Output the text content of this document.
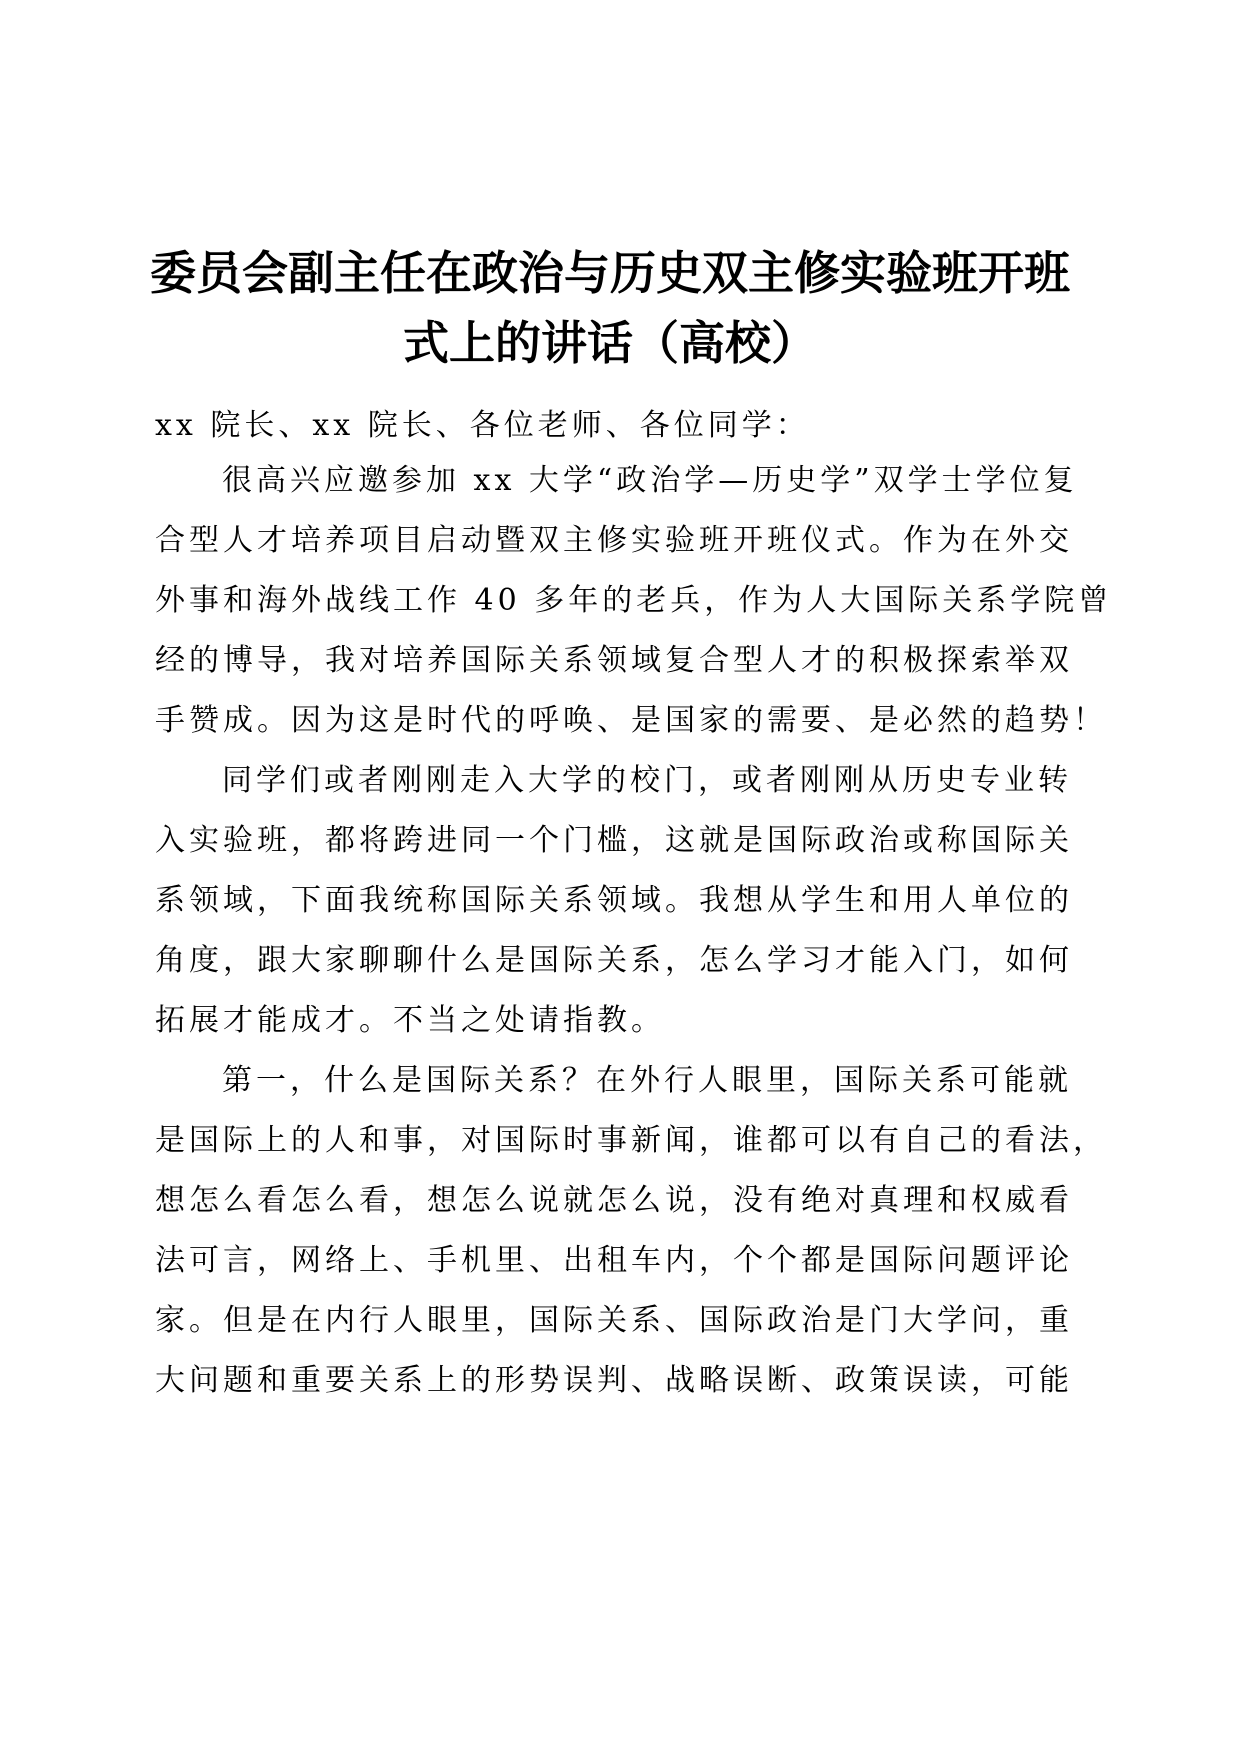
委员会副主任在政治与历史双主修实验班开班
式上的讲话（高校）
xx 院长、xx 院长、各位老师、各位同学：
很高兴应邀参加 xx 大学“政治学—历史学”双学士学位复
合型人才培养项目启动暨双主修实验班开班仪式。作为在外交
外事和海外战线工作 40 多年的老兵，作为人大国际关系学院曾
经的博导，我对培养国际关系领域复合型人才的积极探索举双
手赞成。因为这是时代的呼唤、是国家的需要、是必然的趋势！
同学们或者刚刚走入大学的校门，或者刚刚从历史专业转
入实验班，都将跨进同一个门槛，这就是国际政治或称国际关
系领域，下面我统称国际关系领域。我想从学生和用人单位的
角度，跟大家聊聊什么是国际关系，怎么学习才能入门，如何
拓展才能成才。不当之处请指教。
第一，什么是国际关系？在外行人眼里，国际关系可能就
是国际上的人和事，对国际时事新闻，谁都可以有自己的看法，
想怎么看怎么看，想怎么说就怎么说，没有绝对真理和权威看
法可言，网络上、手机里、出租车内，个个都是国际问题评论
家。但是在内行人眼里，国际关系、国际政治是门大学问，重
大问题和重要关系上的形势误判、战略误断、政策误读，可能
